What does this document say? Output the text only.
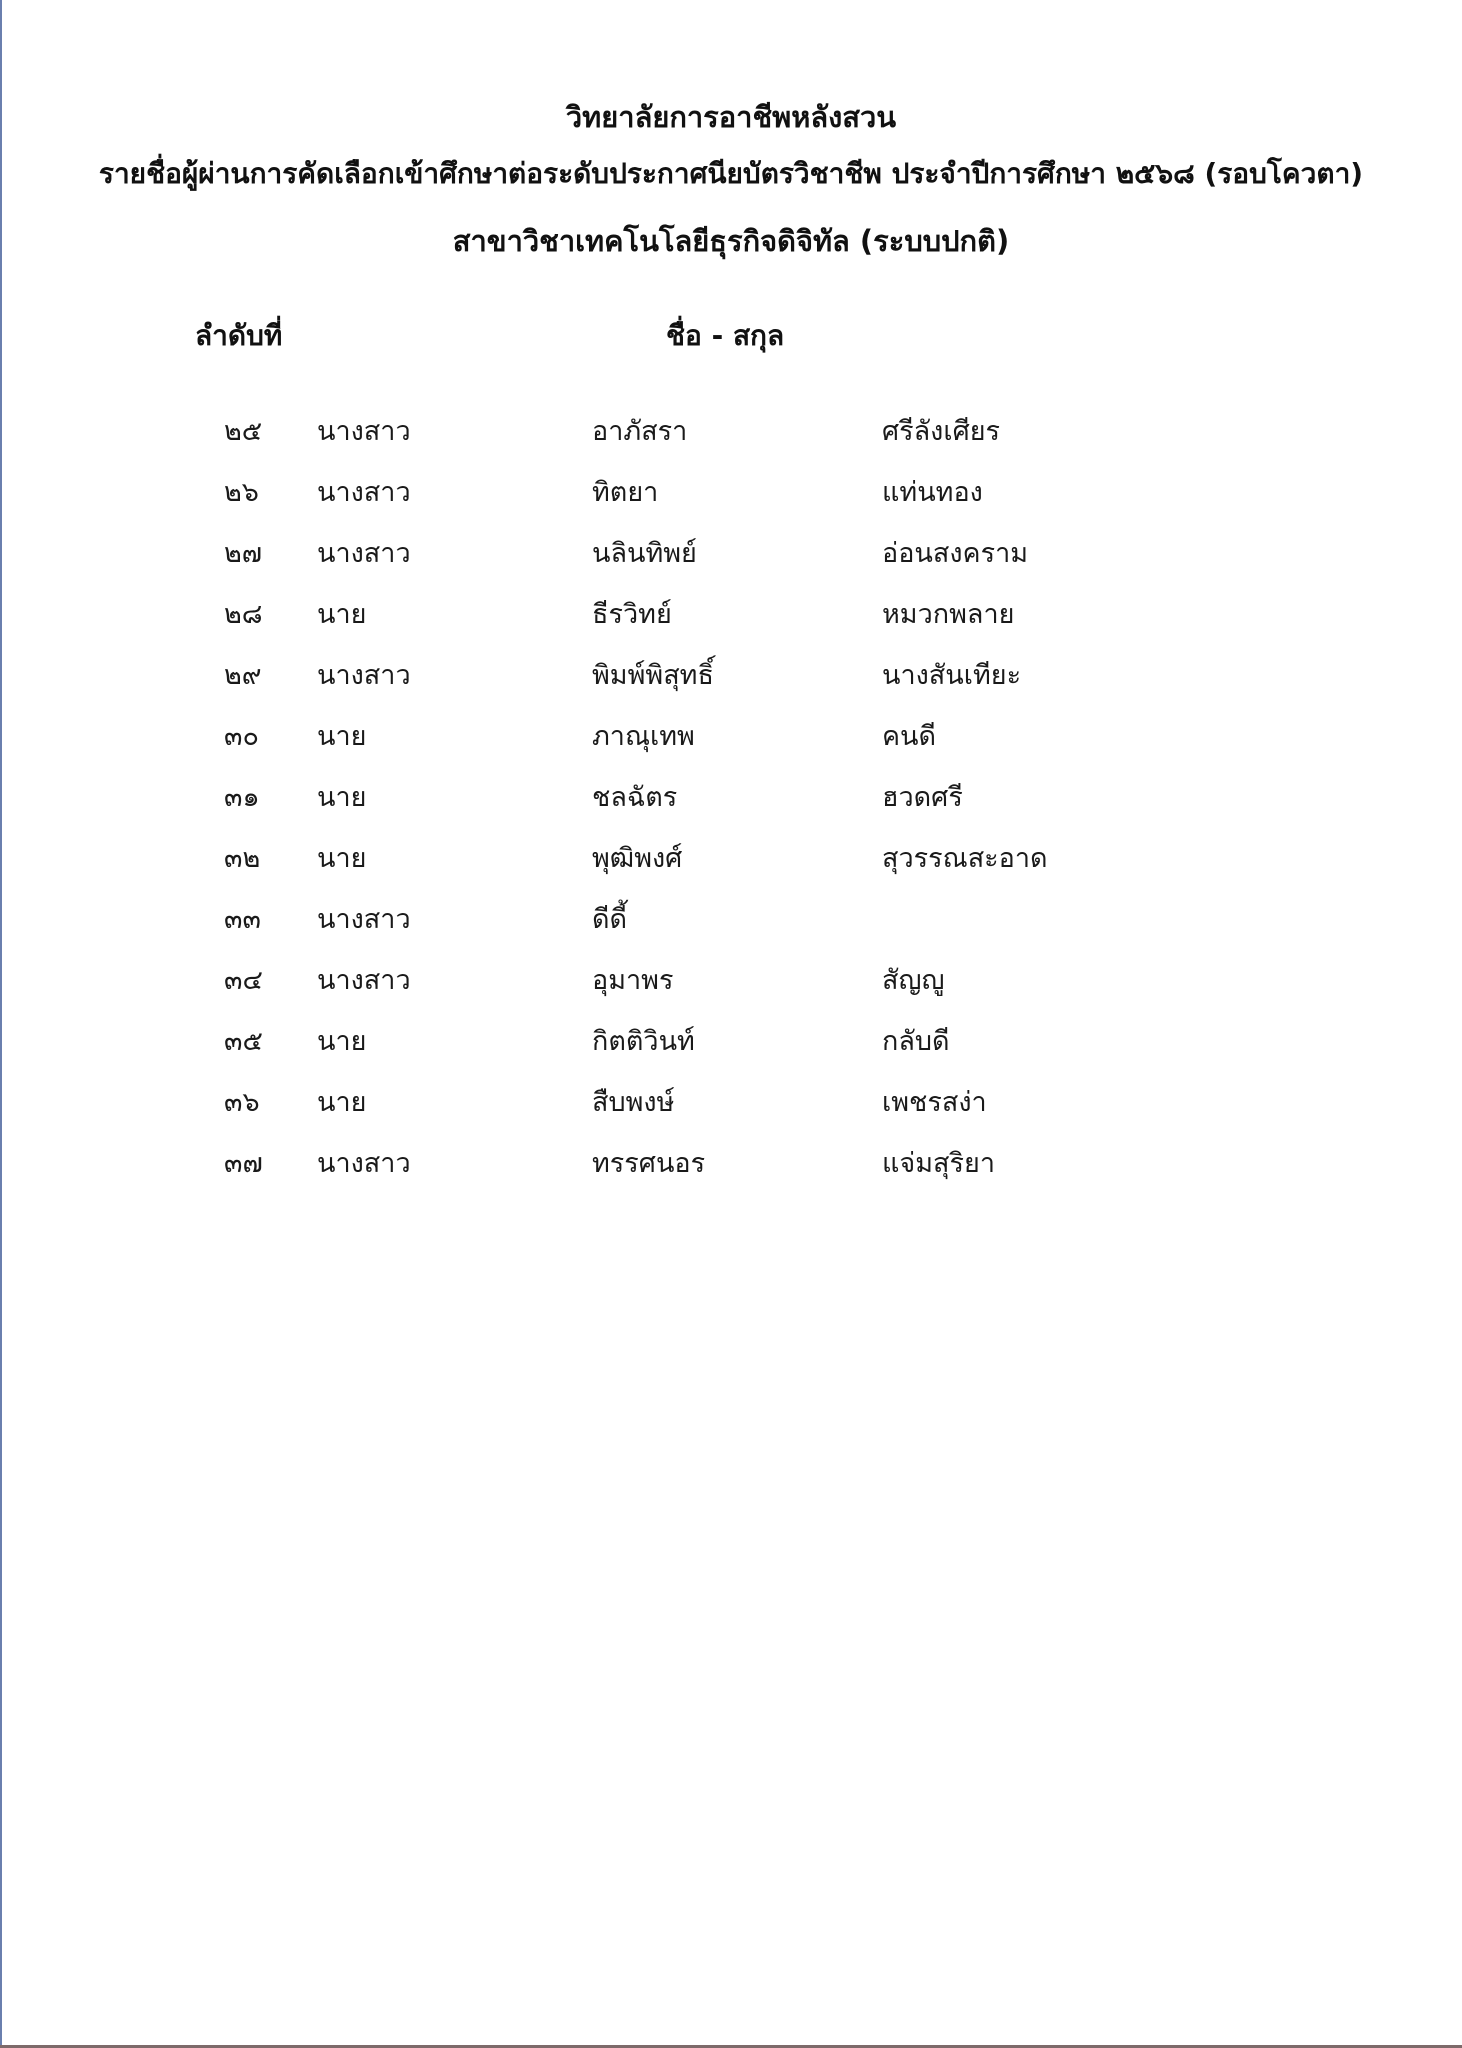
วิทยาลัยการอาชีพหลังสวน
รายชื่อผู้ผ่านการคัดเลือกเข้าศึกษาต่อระดับประกาศนียบัตรวิชาชีพ ประจำปีการศึกษา ๒๕๖๘ (รอบโควตา)
สาขาวิชาเทคโนโลยีธุรกิจดิจิทัล (ระบบปกติ)
ลำดับที่	ชื่อ - สกุล
๒๕ นางสาว	อาภัสรา	ศรีลังเศียร
๒๖ นางสาว	ทิตยา	แท่นทอง
๒๗ นางสาว	นลินทิพย์	อ่อนสงคราม
๒๘ นาย	ธีรวิทย์	หมวกพลาย
๒๙ นางสาว	พิมพ์พิสุทธิ์	นางสันเทียะ
๓๐ นาย	ภาณุเทพ	คนดี
๓๑ นาย	ชลฉัตร	ฮวดศรี
๓๒ นาย	พุฒิพงศ์	สุวรรณสะอาด
๓๓ นางสาว	ดีดี้
๓๔ นางสาว	อุมาพร	สัญญู
๓๕ นาย	กิตติวินท์	กลับดี
๓๖ นาย	สืบพงษ์	เพชรสง่า
๓๗ นางสาว	ทรรศนอร	แจ่มสุริยา
